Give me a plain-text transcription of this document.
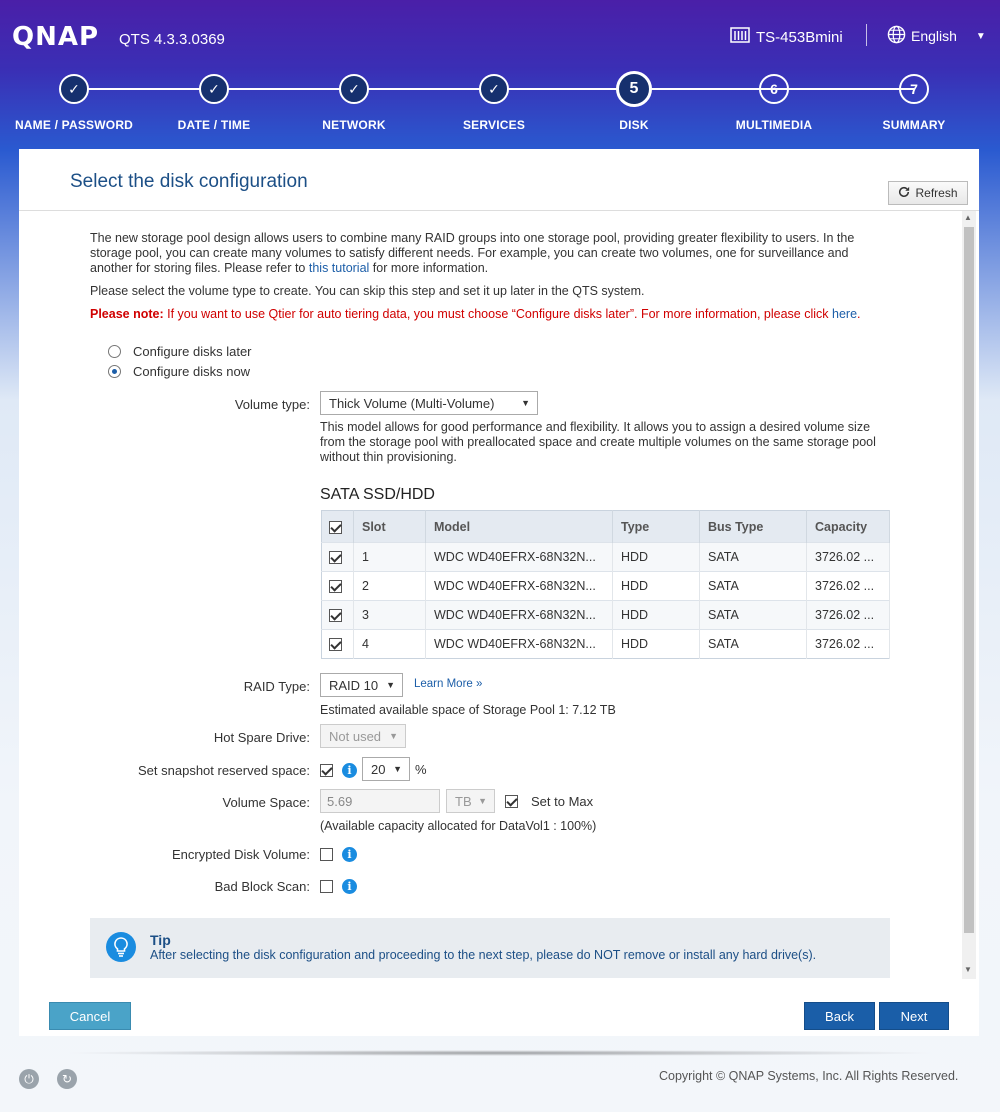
QNAP QTS 4.3.3.0369	TS-453Bmini	English ▼
✓
NAME / PASSWORD
✓
DATE / TIME
✓
NETWORK
✓
SERVICES
5
DISK
6
MULTIMEDIA
7
SUMMARY
Select the disk configuration
Refresh
▲
▼
The new storage pool design allows users to combine many RAID groups into one storage pool, providing greater flexibility to users. In the storage pool, you can create many volumes to satisfy different needs. For example, you can create two volumes, one for surveillance and another for storing files. Please refer to this tutorial for more information.
Please select the volume type to create. You can skip this step and set it up later in the QTS system.
Please note: If you want to use Qtier for auto tiering data, you must choose “Configure disks later”. For more information, please click here.
Configure disks later
Configure disks now
Volume type: Thick Volume (Multi-Volume)	▼
This model allows for good performance and flexibility. It allows you to assign a desired volume size from the storage pool with preallocated space and create multiple volumes on the same storage pool without thin provisioning.
SATA SSD/HDD
	Slot	Model	Type	Bus Type	Capacity
	1	WDC WD40EFRX-68N32N...	HDD	SATA	3726.02 ...
	2	WDC WD40EFRX-68N32N...	HDD	SATA	3726.02 ...
	3	WDC WD40EFRX-68N32N...	HDD	SATA	3726.02 ...
	4	WDC WD40EFRX-68N32N...	HDD	SATA	3726.02 ...
RAID Type: RAID 10 ▼ Learn More »
Estimated available space of Storage Pool 1: 7.12 TB
Hot Spare Drive: Not used ▼
Set snapshot reserved space:	i	20 ▼ %
Volume Space:	5.69	TB ▼	Set to Max
(Available capacity allocated for DataVol1 : 100%)
Encrypted Disk Volume:	i
Bad Block Scan:	i
Tip
After selecting the disk configuration and proceeding to the next step, please do NOT remove or install any hard drive(s).
Cancel	Back	Next
⏻	↻	Copyright © QNAP Systems, Inc. All Rights Reserved.
